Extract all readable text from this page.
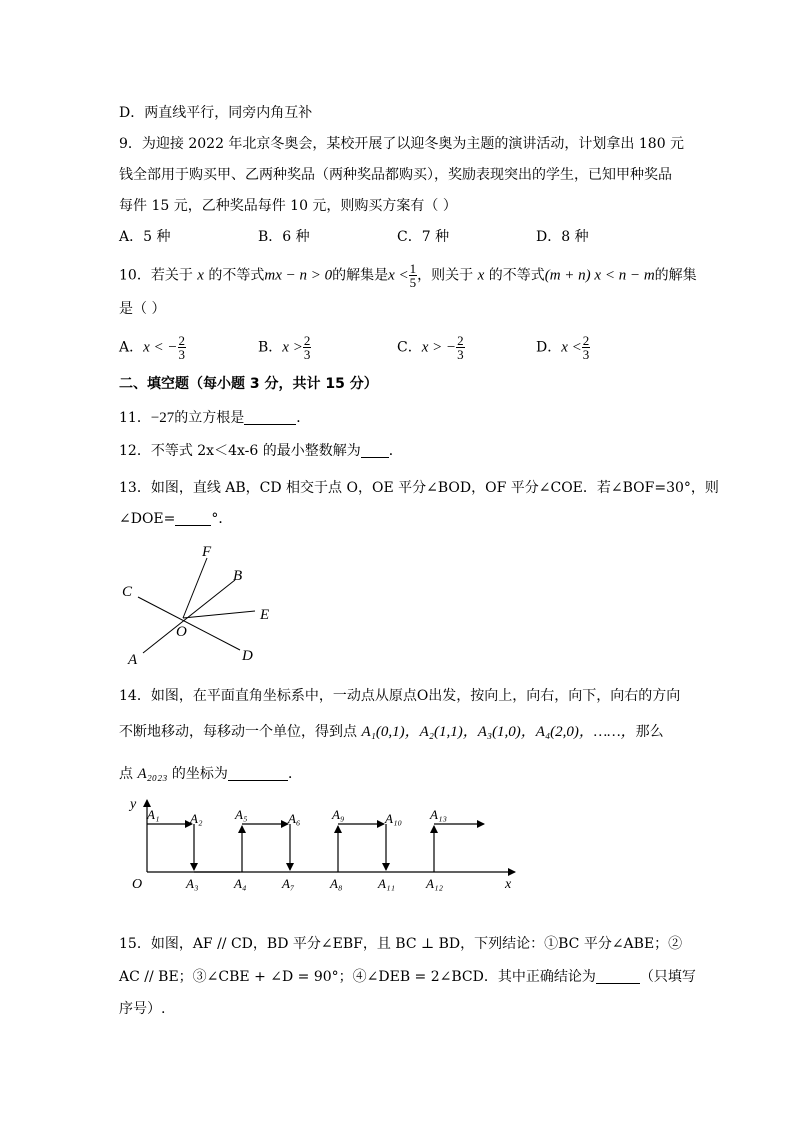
D．两直线平行，同旁内角互补
9．为迎接 2022 年北京冬奥会，某校开展了以迎冬奥为主题的演讲活动，计划拿出 180 元
钱全部用于购买甲、乙两种奖品（两种奖品都购买），奖励表现突出的学生，已知甲种奖品
每件 15 元，乙种奖品每件 10 元，则购买方案有（ ）
A．5 种	B．6 种	C．7 种	D．8 种
10．若关于 x 的不等式mx − n > 0的解集是$x < \frac{1}{5}$ ，则关于 x 的不等式(m + n) x < n − m的解集
是（ ）
A．x < − $\frac{2}{3}$	B．$x > \frac{2}{3}$	C．x > − $\frac{2}{3}$	D．$x < \frac{2}{3}$
二、填空题（每小题 3 分，共计 15 分）
11．−27的立方根是	．
12．不等式 2x＜4x-6 的最小整数解为 ．
13．如图，直线 AB，CD 相交于点 O，OE 平分∠BOD，OF 平分∠COE．若∠BOF=30°，则
∠DOE=	°．
F
B
C
E
O
A	D
14．如图，在平面直角坐标系中，一动点从原点O出发，按向上，向右，向下，向右的方向
不断地移动，每移动一个单位，得到点 A₁(0,1)，A₂(1,1)，A₃(1,0)，A₄(2,0)，……，那么
点 A₂₀₂₃ 的坐标为	．
y
x
O
A₁ A₂	A₅	A₆ A₉	A₁₀ A₁₃
A₃	A₄	A₇	A₈	A₁₁ A₁₂
15．如图，AF // CD，BD 平分∠EBF，且 BC ⊥ BD，下列结论：①BC 平分∠ABE；②
AC // BE；③∠CBE + ∠D = 90°；④∠DEB = 2∠BCD．其中正确结论为	（只填写
序号）.
